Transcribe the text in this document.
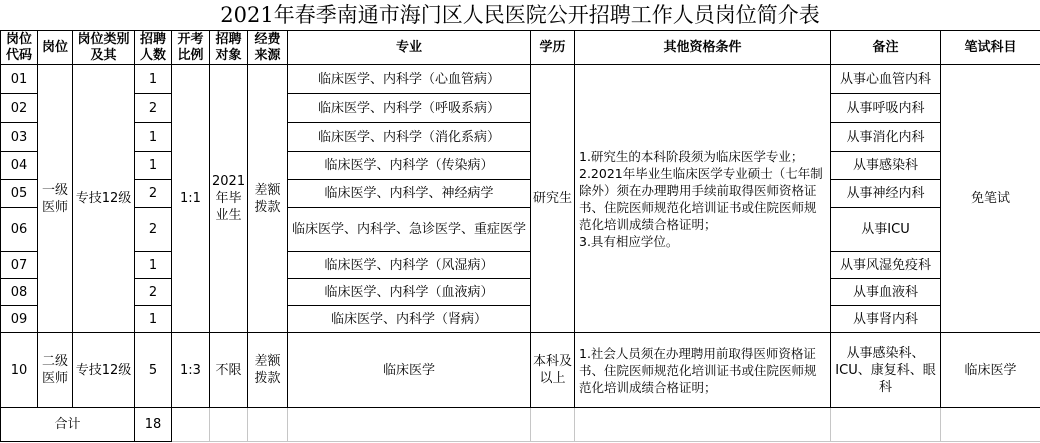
2021年春季南通市海门区人民医院公开招聘工作人员岗位简介表
岗位代码	岗位	岗位类别及其	招聘人数	开考比例	招聘对象	经费来源	专业	学历	其他资格条件	备注	笔试科目
01	一级医师	专技12级	1	1:1	2021年毕业生	差额拨款	临床医学、内科学（心血管病）	研究生	1.研究生的本科阶段须为临床医学专业；
2.2021年毕业生临床医学专业硕士（七年制除外）须在办理聘用手续前取得医师资格证书、住院医师规范化培训证书或住院医师规范化培训成绩合格证明；
3.具有相应学位。	从事心血管内科	免笔试
02			2				临床医学、内科学（呼吸系病）			从事呼吸内科	
03			1				临床医学、内科学（消化系病）			从事消化内科	
04			1				临床医学、内科学（传染病）			从事感染科	
05			2				临床医学、内科学、神经病学			从事神经内科	
06			2				临床医学、内科学、急诊医学、重症医学			从事ICU	
07			1				临床医学、内科学（风湿病）			从事风湿免疫科	
08			2				临床医学、内科学（血液病）			从事血液科	
09			1				临床医学、内科学（肾病）			从事肾内科	
10	二级医师	专技12级	5	1:3	不限	差额拨款	临床医学	本科及以上	1.社会人员须在办理聘用前取得医师资格证书、住院医师规范化培训证书或住院医师规范化培训成绩合格证明；	从事感染科、ICU、康复科、眼科	临床医学
合计			18								
